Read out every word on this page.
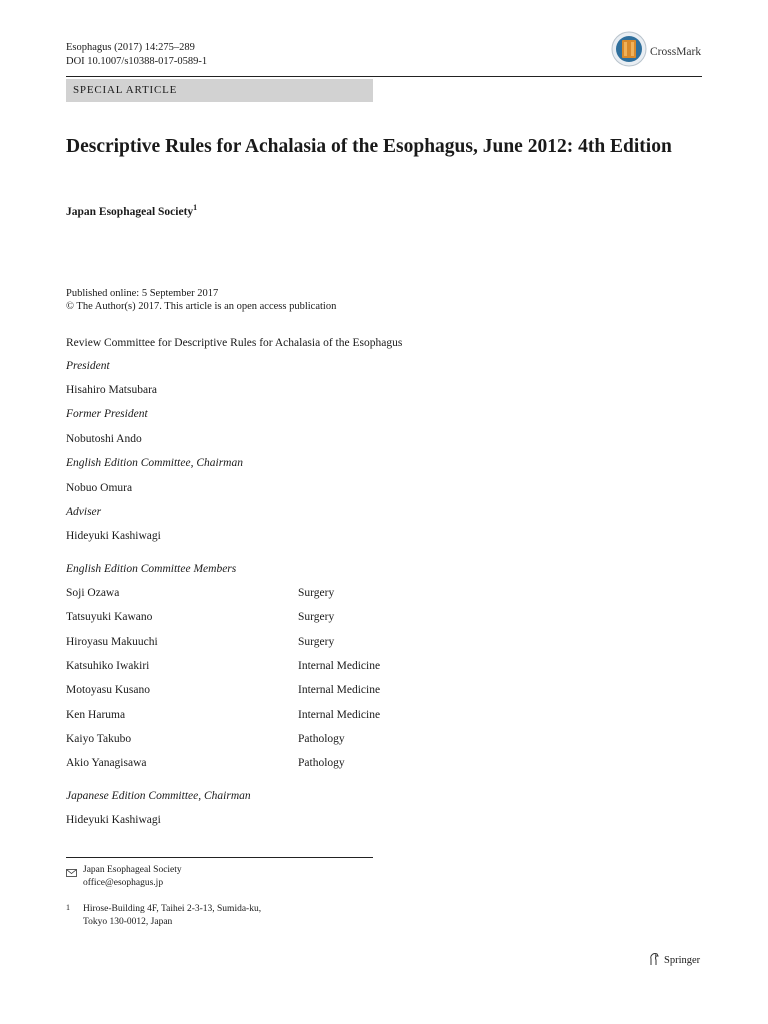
Esophagus (2017) 14:275–289
DOI 10.1007/s10388-017-0589-1
CrossMark
SPECIAL ARTICLE
Descriptive Rules for Achalasia of the Esophagus, June 2012: 4th Edition
Japan Esophageal Society$^1$
Published online: 5 September 2017
© The Author(s) 2017. This article is an open access publication
Review Committee for Descriptive Rules for Achalasia of the Esophagus
President
Hisahiro Matsubara
Former President
Nobutoshi Ando
English Edition Committee, Chairman
Nobuo Omura
Adviser
Hideyuki Kashiwagi
English Edition Committee Members
Soji Ozawa	Surgery
Tatsuyuki Kawano	Surgery
Hiroyasu Makuuchi	Surgery
Katsuhiko Iwakiri	Internal Medicine
Motoyasu Kusano	Internal Medicine
Ken Haruma	Internal Medicine
Kaiyo Takubo	Pathology
Akio Yanagisawa	Pathology
Japanese Edition Committee, Chairman
Hideyuki Kashiwagi
Japan Esophageal Society
office@esophagus.jp
1 Hirose-Building 4F, Taihei 2-3-13, Sumida-ku,
Tokyo 130-0012, Japan
Springer
